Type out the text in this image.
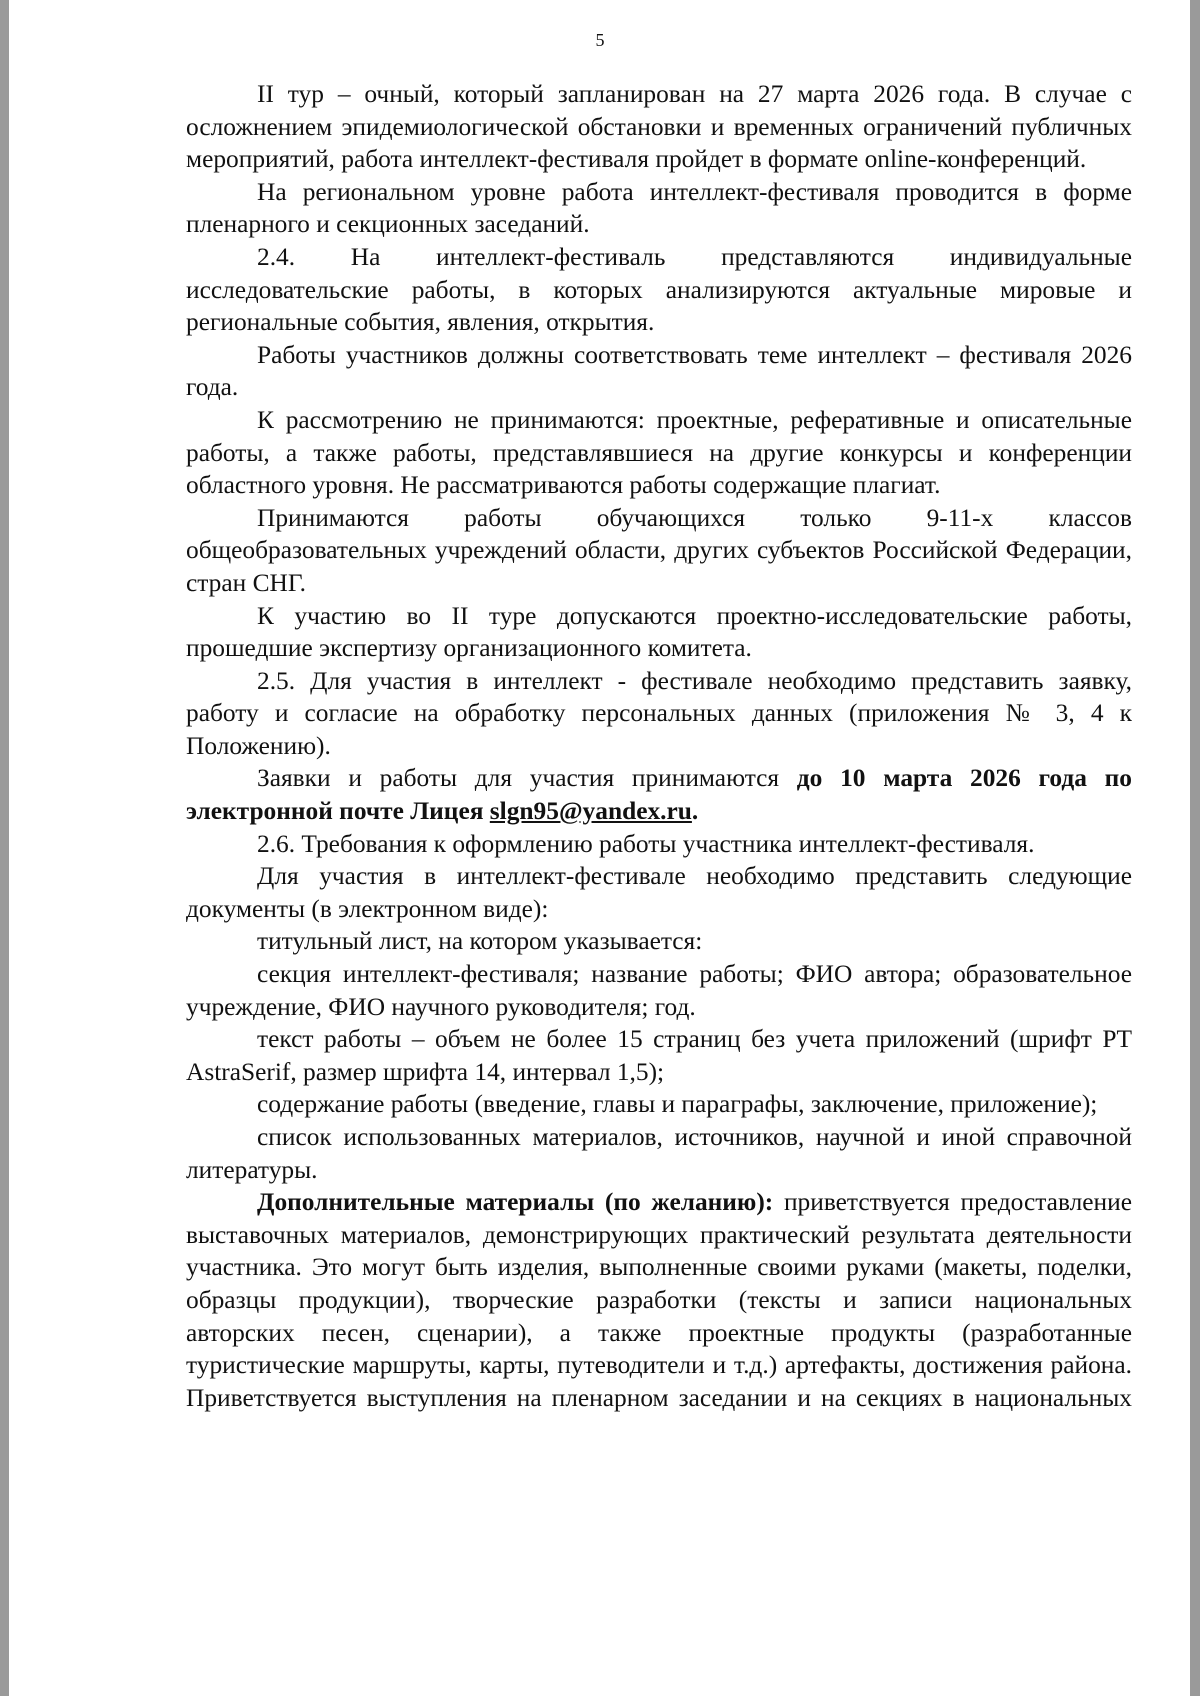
5

II тур – очный, который запланирован на 27 марта 2026 года. В случае с осложнением эпидемиологической обстановки и временных ограничений публичных мероприятий, работа интеллект-фестиваля пройдет в формате online-конференций.

На региональном уровне работа интеллект-фестиваля проводится в форме пленарного и секционных заседаний.

2.4. На интеллект-фестиваль представляются индивидуальные исследовательские работы, в которых анализируются актуальные мировые и региональные события, явления, открытия.

Работы участников должны соответствовать теме интеллект – фестиваля 2026 года.

К рассмотрению не принимаются: проектные, реферативные и описательные работы, а также работы, представлявшиеся на другие конкурсы и конференции областного уровня. Не рассматриваются работы содержащие плагиат.

Принимаются работы обучающихся только 9-11-х классов общеобразовательных учреждений области, других субъектов Российской Федерации, стран СНГ.

К участию во II туре допускаются проектно-исследовательские работы, прошедшие экспертизу организационного комитета.

2.5. Для участия в интеллект - фестивале необходимо представить заявку, работу и согласие на обработку персональных данных (приложения № 3, 4 к Положению).

Заявки и работы для участия принимаются до 10 марта 2026 года по электронной почте Лицея slgn95@yandex.ru.

2.6. Требования к оформлению работы участника интеллект-фестиваля.

Для участия в интеллект-фестивале необходимо представить следующие документы (в электронном виде):

титульный лист, на котором указывается:

секция интеллект-фестиваля; название работы; ФИО автора; образовательное учреждение, ФИО научного руководителя; год.

текст работы – объем не более 15 страниц без учета приложений (шрифт PT AstraSerif, размер шрифта 14, интервал 1,5);

содержание работы (введение, главы и параграфы, заключение, приложение);

список использованных материалов, источников, научной и иной справочной литературы.

Дополнительные материалы (по желанию): приветствуется предоставление выставочных материалов, демонстрирующих практический результата деятельности участника. Это могут быть изделия, выполненные своими руками (макеты, поделки, образцы продукции), творческие разработки (тексты и записи национальных авторских песен, сценарии), а также проектные продукты (разработанные туристические маршруты, карты, путеводители и т.д.) артефакты, достижения района. Приветствуется выступления на пленарном заседании и на секциях в национальных
